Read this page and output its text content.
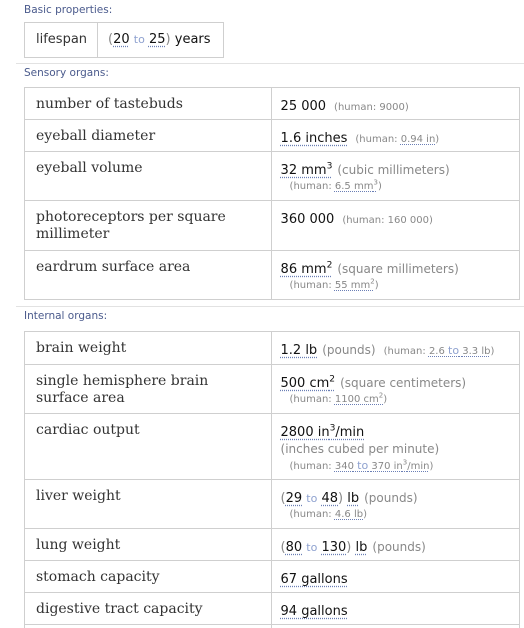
Basic properties:
lifespan	(20 to 25) years
Sensory organs:
number of tastebuds	25 000 (human: 9000)
eyeball diameter	1.6 inches (human: 0.94 in)
eyeball volume	32 $mm^3$ (cubic millimeters)
(human: 6.5 $mm^3$)

photoreceptors per square millimeter	360 000 (human: 160 000)
eardrum surface area	86 $mm^2$ (square millimeters)
(human: 55 $mm^2$)
Internal organs:
brain weight	1.2 lb (pounds) (human: 2.6 to 3.3 lb)
single hemisphere brain surface area	500 $cm^2$ (square centimeters)
(human: 1100 $cm^2$)

cardiac output	2800 $in^3/\min$
(inches cubed per minute)
(human: 340 to 370 $in^3/\min$)

liver weight	(29 to 48) lb (pounds)
(human: 4.6 lb)

lung weight	(80 to 130) lb (pounds)
stomach capacity	67 gallons
digestive tract capacity	94 gallons
